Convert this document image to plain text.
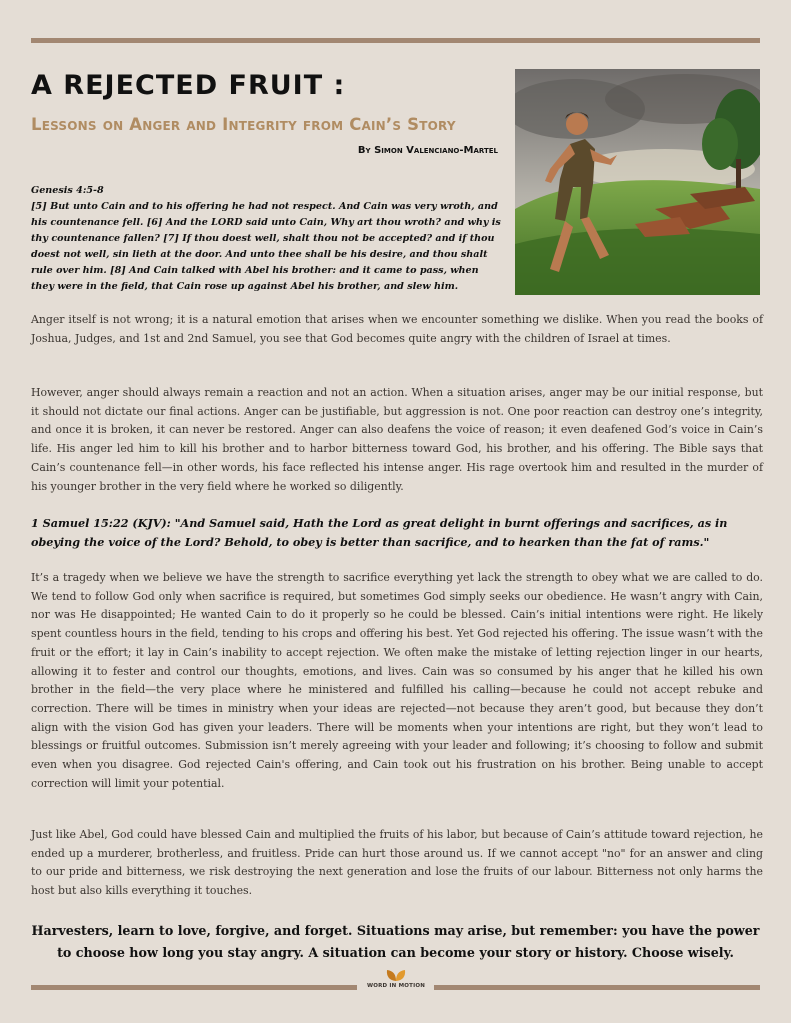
A REJECTED FRUIT :
Lessons on Anger and Integrity from Cain’s Story

By Simon Valenciano-Martel

Genesis 4:5-8

[5] But unto Cain and to his offering he had not respect. And Cain was very wroth, and his countenance fell. [6] And the LORD said unto Cain, Why art thou wroth? and why is thy countenance fallen? [7] If thou doest well, shalt thou not be accepted? and if thou doest not well, sin lieth at the door. And unto thee shall be his desire, and thou shalt rule over him. [8] And Cain talked with Abel his brother: and it came to pass, when they were in the field, that Cain rose up against Abel his brother, and slew him.

Anger itself is not wrong; it is a natural emotion that arises when we encounter something we dislike. When you read the books of Joshua, Judges, and 1st and 2nd Samuel, you see that God becomes quite angry with the children of Israel at times.

However, anger should always remain a reaction and not an action. When a situation arises, anger may be our initial response, but it should not dictate our final actions. Anger can be justifiable, but aggression is not. One poor reaction can destroy one’s integrity, and once it is broken, it can never be restored. Anger can also deafens the voice of reason; it even deafened God’s voice in Cain’s life. His anger led him to kill his brother and to harbor bitterness toward God, his brother, and his offering. The Bible says that Cain’s countenance fell—in other words, his face reflected his intense anger. His rage overtook him and resulted in the murder of his younger brother in the very field where he worked so diligently.

1 Samuel 15:22 (KJV): "And Samuel said, Hath the Lord as great delight in burnt offerings and sacrifices, as in obeying the voice of the Lord? Behold, to obey is better than sacrifice, and to hearken than the fat of rams."

It’s a tragedy when we believe we have the strength to sacrifice everything yet lack the strength to obey what we are called to do. We tend to follow God only when sacrifice is required, but sometimes God simply seeks our obedience. He wasn’t angry with Cain, nor was He disappointed; He wanted Cain to do it properly so he could be blessed. Cain’s initial intentions were right. He likely spent countless hours in the field, tending to his crops and offering his best. Yet God rejected his offering. The issue wasn’t with the fruit or the effort; it lay in Cain’s inability to accept rejection. We often make the mistake of letting rejection linger in our hearts, allowing it to fester and control our thoughts, emotions, and lives. Cain was so consumed by his anger that he killed his own brother in the field—the very place where he ministered and fulfilled his calling—because he could not accept rebuke and correction. There will be times in ministry when your ideas are rejected—not because they aren’t good, but because they don’t align with the vision God has given your leaders. There will be moments when your intentions are right, but they won’t lead to blessings or fruitful outcomes. Submission isn’t merely agreeing with your leader and following; it’s choosing to follow and submit even when you disagree. God rejected Cain's offering, and Cain took out his frustration on his brother. Being unable to accept correction will limit your potential.

Just like Abel, God could have blessed Cain and multiplied the fruits of his labor, but because of Cain’s attitude toward rejection, he ended up a murderer, brotherless, and fruitless. Pride can hurt those around us. If we cannot accept "no" for an answer and cling to our pride and bitterness, we risk destroying the next generation and lose the fruits of our labour. Bitterness not only harms the host but also kills everything it touches.

Harvesters, learn to love, forgive, and forget. Situations may arise, but remember: you have the power to choose how long you stay angry. A situation can become your story or history. Choose wisely.

WORD IN MOTION
